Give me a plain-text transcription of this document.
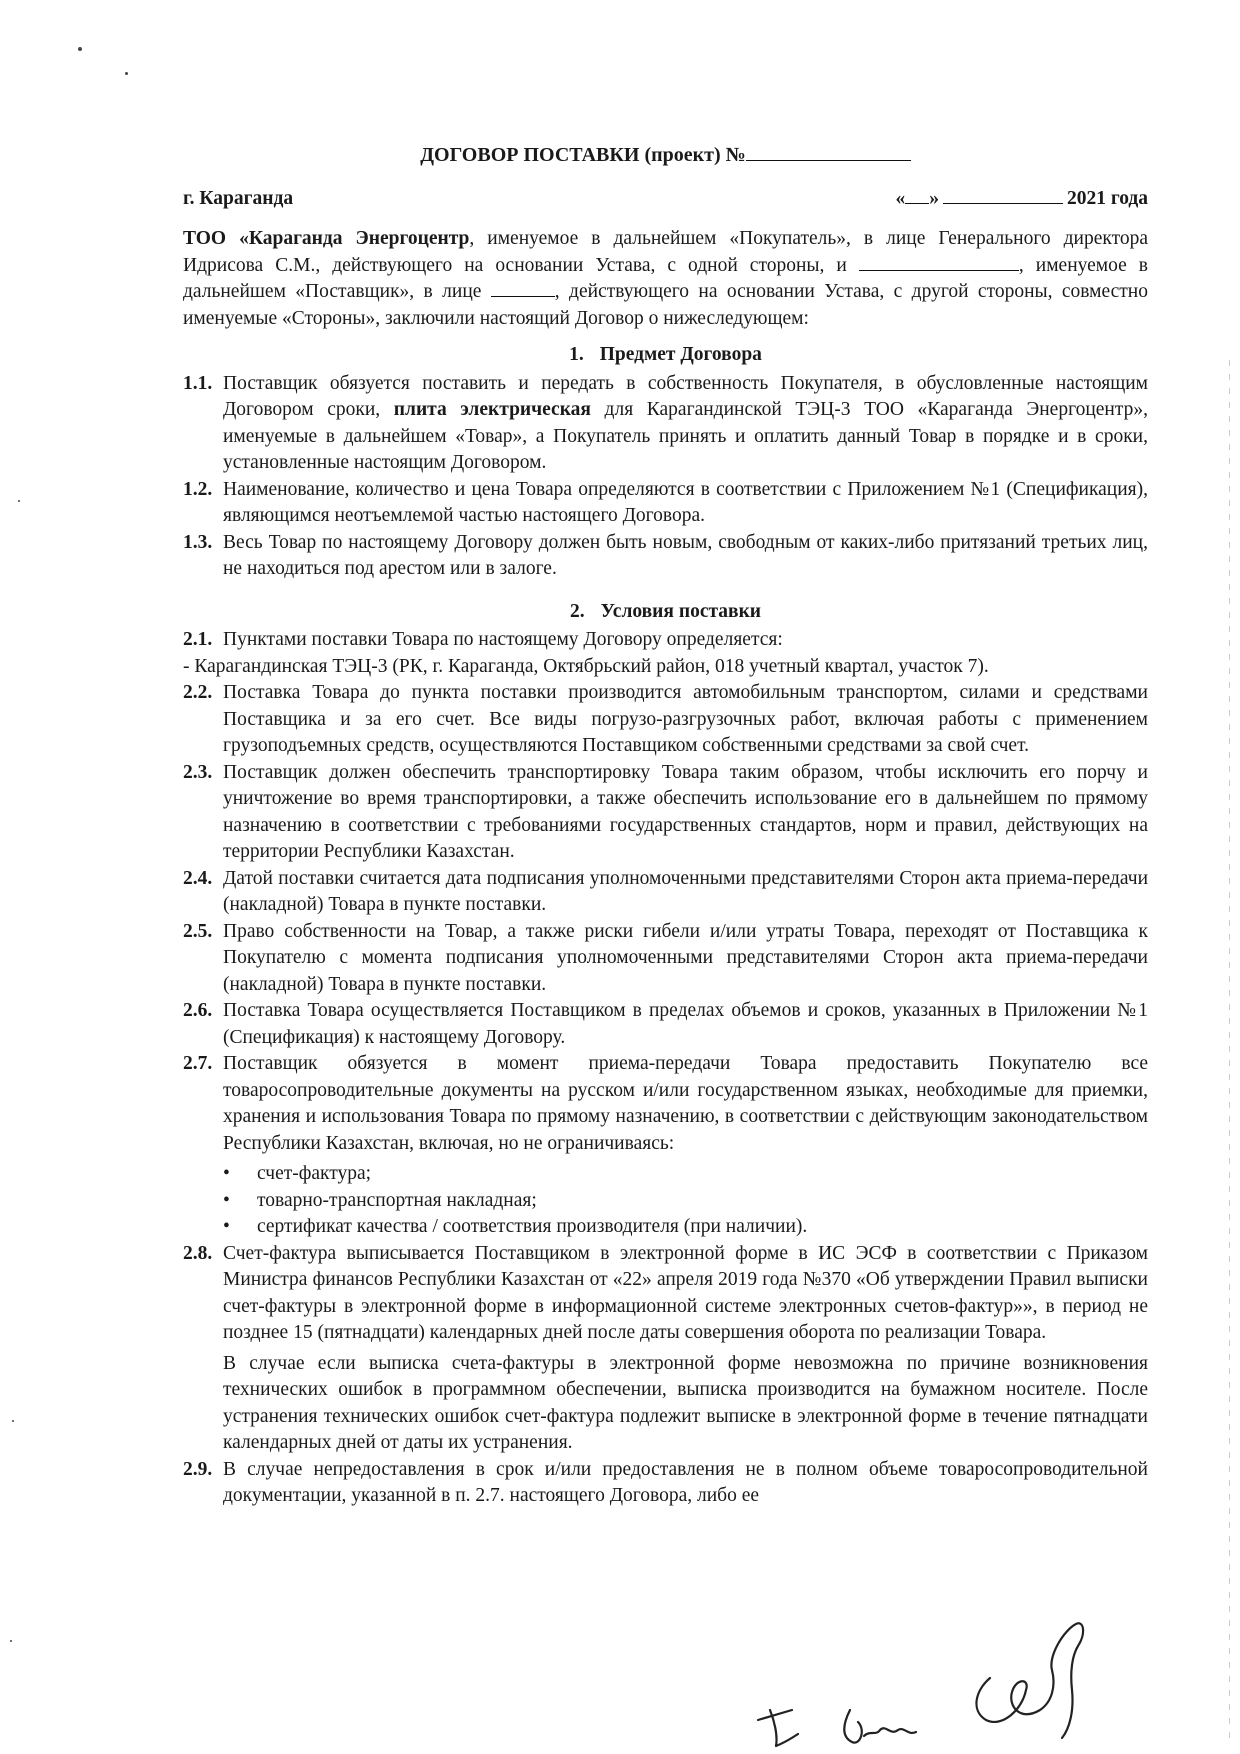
ДОГОВОР ПОСТАВКИ (проект) №
г. Караганда	« »	2021 года
ТОО «Караганда Энергоцентр, именуемое в дальнейшем «Покупатель», в лице Генерального директора Идрисова С.М., действующего на основании Устава, с одной стороны, и	, именуемое в дальнейшем «Поставщик», в лице	, действующего на основании Устава, с другой стороны, совместно именуемые «Стороны», заключили настоящий Договор о нижеследующем:
1. Предмет Договора
1.1. Поставщик обязуется поставить и передать в собственность Покупателя, в обусловленные настоящим Договором сроки, плита электрическая для Карагандинской ТЭЦ-3 ТОО «Караганда Энергоцентр», именуемые в дальнейшем «Товар», а Покупатель принять и оплатить данный Товар в порядке и в сроки, установленные настоящим Договором.
1.2. Наименование, количество и цена Товара определяются в соответствии с Приложением №1 (Спецификация), являющимся неотъемлемой частью настоящего Договора.
1.3. Весь Товар по настоящему Договору должен быть новым, свободным от каких-либо притязаний третьих лиц, не находиться под арестом или в залоге.
2. Условия поставки
2.1. Пунктами поставки Товара по настоящему Договору определяется:

- Карагандинская ТЭЦ-3 (РК, г. Караганда, Октябрьский район, 018 учетный квартал, участок 7).

2.2. Поставка Товара до пункта поставки производится автомобильным транспортом, силами и средствами Поставщика и за его счет. Все виды погрузо-разгрузочных работ, включая работы с применением грузоподъемных средств, осуществляются Поставщиком собственными средствами за свой счет.
2.3. Поставщик должен обеспечить транспортировку Товара таким образом, чтобы исключить его порчу и уничтожение во время транспортировки, а также обеспечить использование его в дальнейшем по прямому назначению в соответствии с требованиями государственных стандартов, норм и правил, действующих на территории Республики Казахстан.
2.4. Датой поставки считается дата подписания уполномоченными представителями Сторон акта приема-передачи (накладной) Товара в пункте поставки.
2.5. Право собственности на Товар, а также риски гибели и/или утраты Товара, переходят от Поставщика к Покупателю с момента подписания уполномоченными представителями Сторон акта приема-передачи (накладной) Товара в пункте поставки.
2.6. Поставка Товара осуществляется Поставщиком в пределах объемов и сроков, указанных в Приложении №1 (Спецификация) к настоящему Договору.
2.7. Поставщик обязуется в момент приема-передачи Товара предоставить Покупателю все товаросопроводительные документы на русском и/или государственном языках, необходимые для приемки, хранения и использования Товара по прямому назначению, в соответствии с действующим законодательством Республики Казахстан, включая, но не ограничиваясь:
• счет-фактура;
• товарно-транспортная накладная;
• сертификат качества / соответствия производителя (при наличии).
2.8. Счет-фактура выписывается Поставщиком в электронной форме в ИС ЭСФ в соответствии с Приказом Министра финансов Республики Казахстан от «22» апреля 2019 года №370 «Об утверждении Правил выписки счет-фактуры в электронной форме в информационной системе электронных счетов-фактур»», в период не позднее 15 (пятнадцати) календарных дней после даты совершения оборота по реализации Товара.

В случае если выписка счета-фактуры в электронной форме невозможна по причине возникновения технических ошибок в программном обеспечении, выписка производится на бумажном носителе. После устранения технических ошибок счет-фактура подлежит выписке в электронной форме в течение пятнадцати календарных дней от даты их устранения.

2.9. В случае непредоставления в срок и/или предоставления не в полном объеме товаросопроводительной документации, указанной в п. 2.7. настоящего Договора, либо ее
